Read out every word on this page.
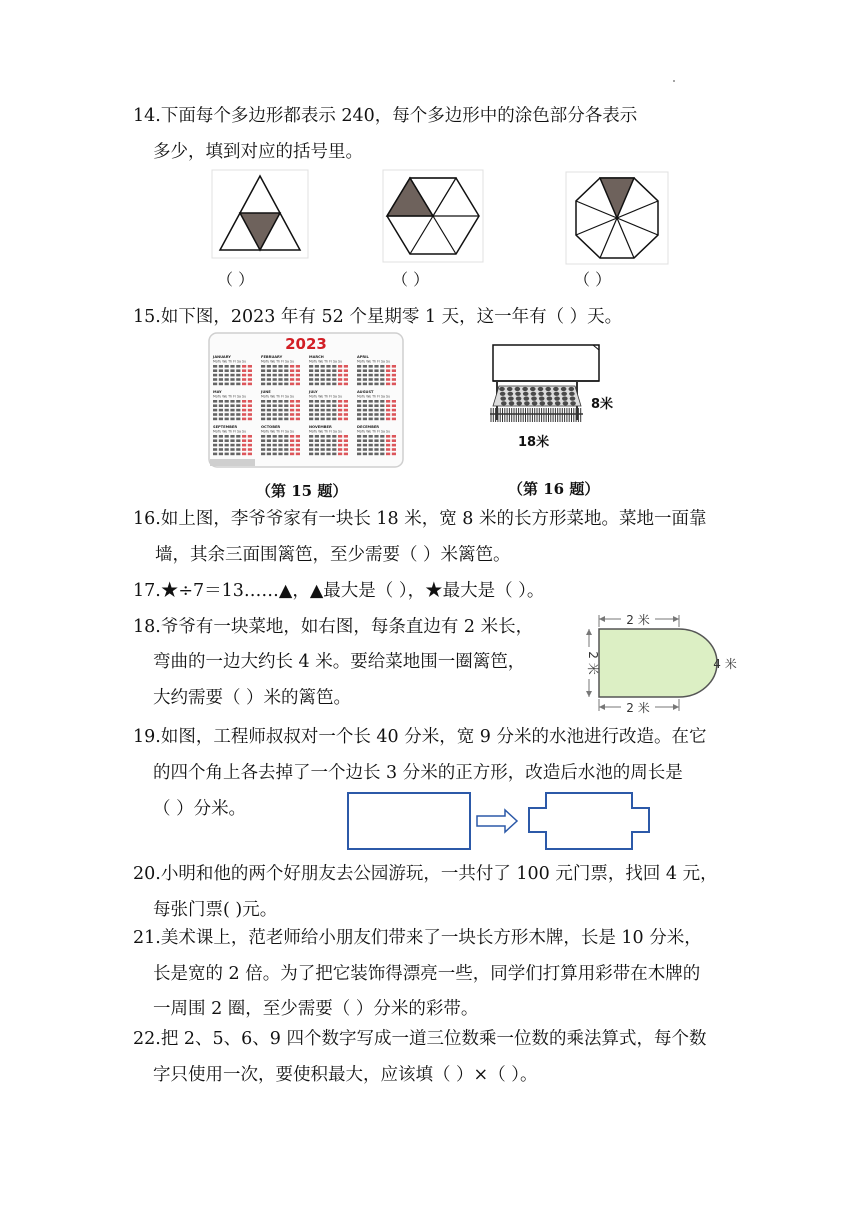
14.下面每个多边形都表示 240，每个多边形中的涂色部分各表示
多少，填到对应的括号里。
（ ）	（ ）	（ ）
15.如下图，2023 年有 52 个星期零 1 天，这一年有（ ）天。
2023
JANUARY
MoTu We Th Fr Sa Su
FEBRUARY
MoTu We Th Fr Sa Su
MARCH
MoTu We Th Fr Sa Su
APRIL
MoTu We Th Fr Sa Su
MAY
MoTu We Th Fr Sa Su
JUNE
MoTu We Th Fr Sa Su
JULY
MoTu We Th Fr Sa Su
AUGUST
MoTu We Th Fr Sa Su
SEPTEMBER
MoTu We Th Fr Sa Su
OCTOBER
MoTu We Th Fr Sa Su
NOVEMBER
MoTu We Th Fr Sa Su
DECEMBER
MoTu We Th Fr Sa Su
8米
18米
（第 15 题）	（第 16 题）
16.如上图，李爷爷家有一块长 18 米，宽 8 米的长方形菜地。菜地一面靠
墙，其余三面围篱笆，至少需要（ ）米篱笆。
17.★÷7＝13……▲，▲最大是（ ），★最大是（ ）。
18.爷爷有一块菜地，如右图，每条直边有 2 米长，
弯曲的一边大约长 4 米。要给菜地围一圈篱笆，
大约需要（ ）米的篱笆。
2 米
2 米
2 米
4 米
19.如图，工程师叔叔对一个长 40 分米，宽 9 分米的水池进行改造。在它
的四个角上各去掉了一个边长 3 分米的正方形，改造后水池的周长是
（ ）分米。
20.小明和他的两个好朋友去公园游玩，一共付了 100 元门票，找回 4 元，
每张门票( )元。
21.美术课上，范老师给小朋友们带来了一块长方形木牌，长是 10 分米，
长是宽的 2 倍。为了把它装饰得漂亮一些，同学们打算用彩带在木牌的
一周围 2 圈，至少需要（ ）分米的彩带。
22.把 2、5、6、9 四个数字写成一道三位数乘一位数的乘法算式，每个数
字只使用一次，要使积最大，应该填（ ）×（ ）。
